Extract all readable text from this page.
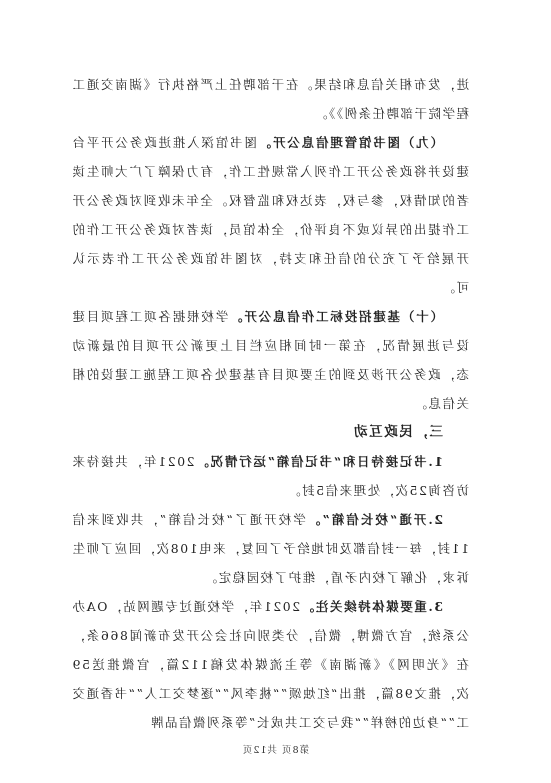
进，发布相关信息和结果。在干部聘任上严格执行《湖南交通工程学院干部聘任条例》》。

（九）图书馆管理信息公开。图书馆深入推进政务公开平台建设并将政务公开工作列入常规性工作，有力保障了广大师生读者的知情权，参与权，表达权和监督权。全年未收到对政务公开工作提出的异议或不良评价，全体馆员，读者对政务公开工作的开展给予了充分的信任和支持，对图书馆政务公开工作表示认可。

（十）基建招投标工作信息公开。学校根据各项工程项目建设与进展情况，在第一时间相应栏目上更新公开项目的最新动态，政务公开涉及到的主要项目有基建处各项工程施工建设的相关信息。

三，民政互动

1.书记接待日和“书记信箱”运行情况。2021年，共接待来访咨询25次，处理来信5封。

2.开通“校长信箱”。学校开通了“校长信箱”，共收到来信11封，每一封信都及时地给予了回复，来电108次，回应了师生诉求，化解了校内矛盾，维护了校园稳定。

3.重要媒体持续关注。2021年，学校通过专题网站，OA办公系统，官方微博，微信，分类别向社会公开发布新闻866条，在《光明网》《新湖南》等主流媒体发稿112篇，官微推送59次，推文98篇，推出“红烛颂”“桃李风”“逐梦交工人”“书香通交工”“身边的榜样”“我与交工共成长”等系列微信品牌

第8页 共12页
